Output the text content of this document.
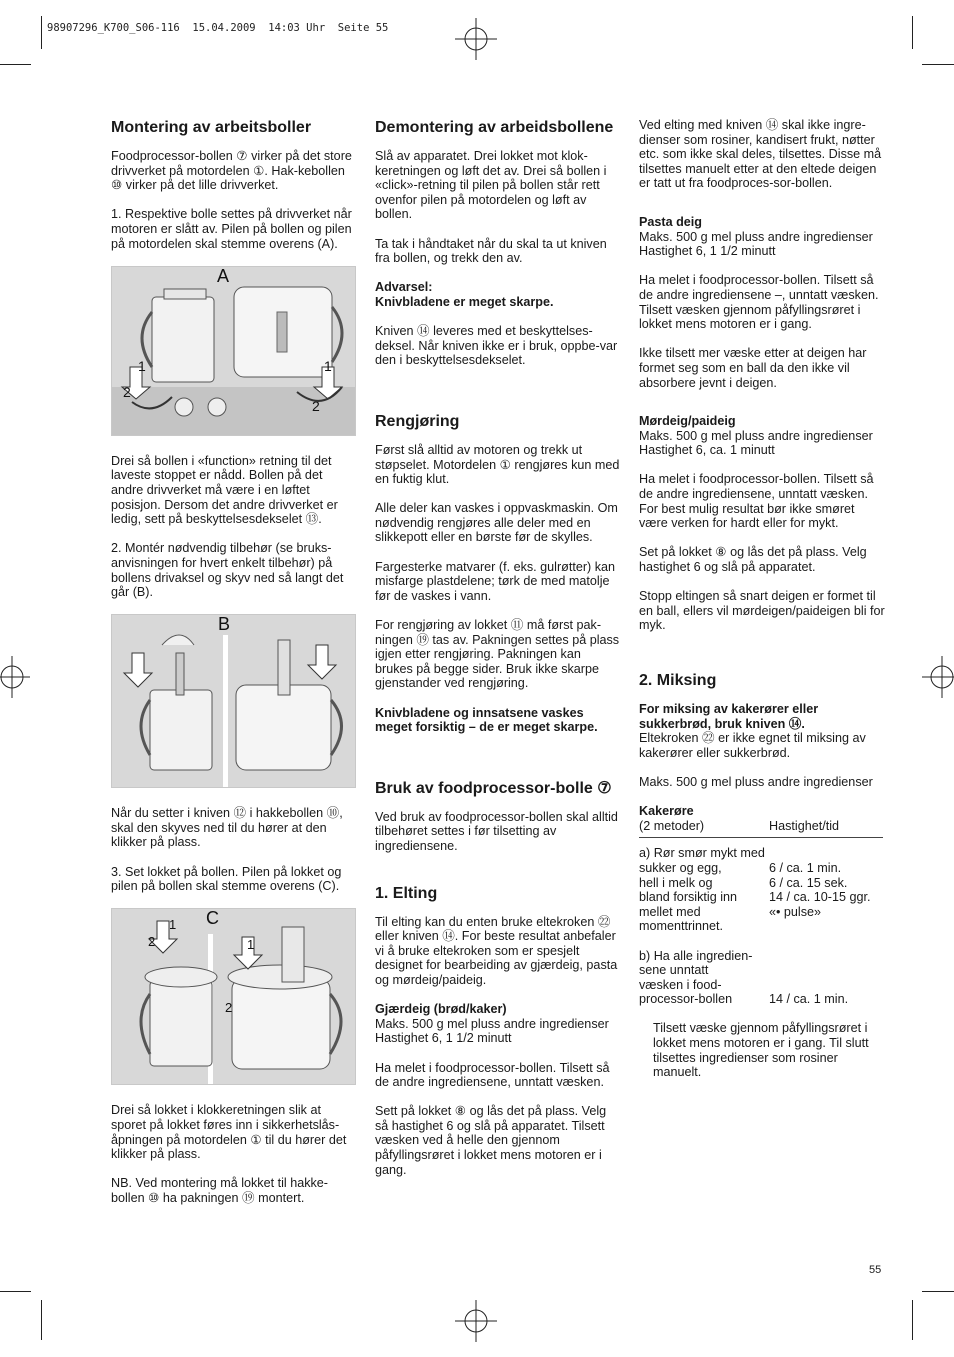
98907296_K700_S06-116  15.04.2009  14:03 Uhr  Seite 55
Montering av arbeitsboller

Foodprocessor-bollen ⑦ virker på det store drivverket på motordelen ①. Hak-kebollen ⑩ virker på det lille drivverket.

1. Respektive bolle settes på drivverket når motoren er slått av. Pilen på bollen og pilen på motordelen skal stemme overens (A).

A
1
2
1
2

Drei så bollen i «function» retning til det laveste stoppet er nådd. Bollen på det andre drivverket må være i en løftet posisjon. Dersom det andre drivverket er ledig, sett på beskyttelsesdekselet ⑬.

2. Montér nødvendig tilbehør (se bruks-anvisningen for hvert enkelt tilbehør) på bollens drivaksel og skyv ned så langt det går (B).

B

Når du setter i kniven ⑫ i hakkebollen ⑩, skal den skyves ned til du hører at den klikker på plass.

3. Set lokket på bollen. Pilen på lokket og pilen på bollen skal stemme overens (C).

C
1
2	1
2

Drei så lokket i klokkeretningen slik at sporet på lokket føres inn i sikkerhetslås-åpningen på motordelen ① til du hører det klikker på plass.

NB. Ved montering må lokket til hakke-bollen ⑩ ha pakningen ⑲ montert.

Demontering av arbeidsbollene

Slå av apparatet. Drei lokket mot klok-keretningen og løft det av. Drei så bollen i «click»-retning til pilen på bollen står rett ovenfor pilen på motordelen og løft av bollen.

Ta tak i håndtaket når du skal ta ut kniven fra bollen, og trekk den av.

Advarsel:
Knivbladene er meget skarpe.

Kniven ⑭ leveres med et beskyttelses-deksel. Når kniven ikke er i bruk, oppbe-var den i beskyttelsesdekselet.

Rengjøring

Først slå alltid av motoren og trekk ut støpselet. Motordelen ① rengjøres kun med en fuktig klut.

Alle deler kan vaskes i oppvaskmaskin. Om nødvendig rengjøres alle deler med en slikkepott eller en børste før de skylles.

Fargesterke matvarer (f. eks. gulrøtter) kan misfarge plastdelene; tørk de med matolje før de vaskes i vann.

For rengjøring av lokket ⑪ må først pak-ningen ⑲ tas av. Pakningen settes på plass igjen etter rengjøring. Pakningen kan brukes på begge sider. Bruk ikke skarpe gjenstander ved rengjøring.

Knivbladene og innsatsene vaskes meget forsiktig – de er meget skarpe.

Bruk av foodprocessor-bolle ⑦

Ved bruk av foodprocessor-bollen skal alltid tilbehøret settes i før tilsetting av ingrediensene.

1. Elting

Til elting kan du enten bruke eltekroken ㉒ eller kniven ⑭. For beste resultat anbefaler vi å bruke eltekroken som er spesjelt designet for bearbeiding av gjærdeig, pasta og mørdeig/paideig.

Gjærdeig (brød/kaker)
Maks. 500 g mel pluss andre ingredienser
Hastighet 6, 1 1/2 minutt

Ha melet i foodprocessor-bollen. Tilsett så de andre ingrediensene, unntatt væsken.

Sett på lokket ⑧ og lås det på plass. Velg så hastighet 6 og slå på apparatet. Tilsett væsken ved å helle den gjennom påfyllingsrøret i lokket mens motoren er i gang.

Ved elting med kniven ⑭ skal ikke ingre-dienser som rosiner, kandisert frukt, nøtter etc. som ikke skal deles, tilsettes. Disse må tilsettes manuelt etter at den eltede deigen er tatt ut fra foodproces-sor-bollen.

Pasta deig
Maks. 500 g mel pluss andre ingredienser
Hastighet 6, 1 1/2 minutt

Ha melet i foodprocessor-bollen. Tilsett så de andre ingrediensene –, unntatt væsken. Tilsett væsken gjennom påfyllingsrøret i lokket mens motoren er i gang.

Ikke tilsett mer væske etter at deigen har formet seg som en ball da den ikke vil absorbere jevnt i deigen.

Mørdeig/paideig
Maks. 500 g mel pluss andre ingredienser
Hastighet 6, ca. 1 minutt

Ha melet i foodprocessor-bollen. Tilsett så de andre ingrediensene, unntatt væsken. For best mulig resultat bør ikke smøret være verken for hardt eller for mykt.

Set på lokket ⑧ og lås det på plass. Velg hastighet 6 og slå på apparatet.

Stopp eltingen så snart deigen er formet til en ball, ellers vil mørdeigen/paideigen bli for myk.

2. Miksing

For miksing av kakerører eller sukkerbrød, bruk kniven ⑭.
Eltekroken ㉒ er ikke egnet til miksing av kakerører eller sukkerbrød.

Maks. 500 g mel pluss andre ingredienser

Kakerøre
(2 metoder)	Hastighet/tid
a) Rør smør mykt med	
sukker og egg,	6 / ca. 1 min.
hell i melk og	6 / ca. 15 sek.
bland forsiktig inn	14 / ca. 10-15 ggr.
mellet med	«• pulse»
momenttrinnet.	

b) Ha alle ingredien-	
sene unntatt	
væsken i food-	
processor-bollen	14 / ca. 1 min.

Tilsett væske gjennom påfyllingsrøret i lokket mens motoren er i gang. Til slutt tilsettes ingredienser som rosiner manuelt.

55
